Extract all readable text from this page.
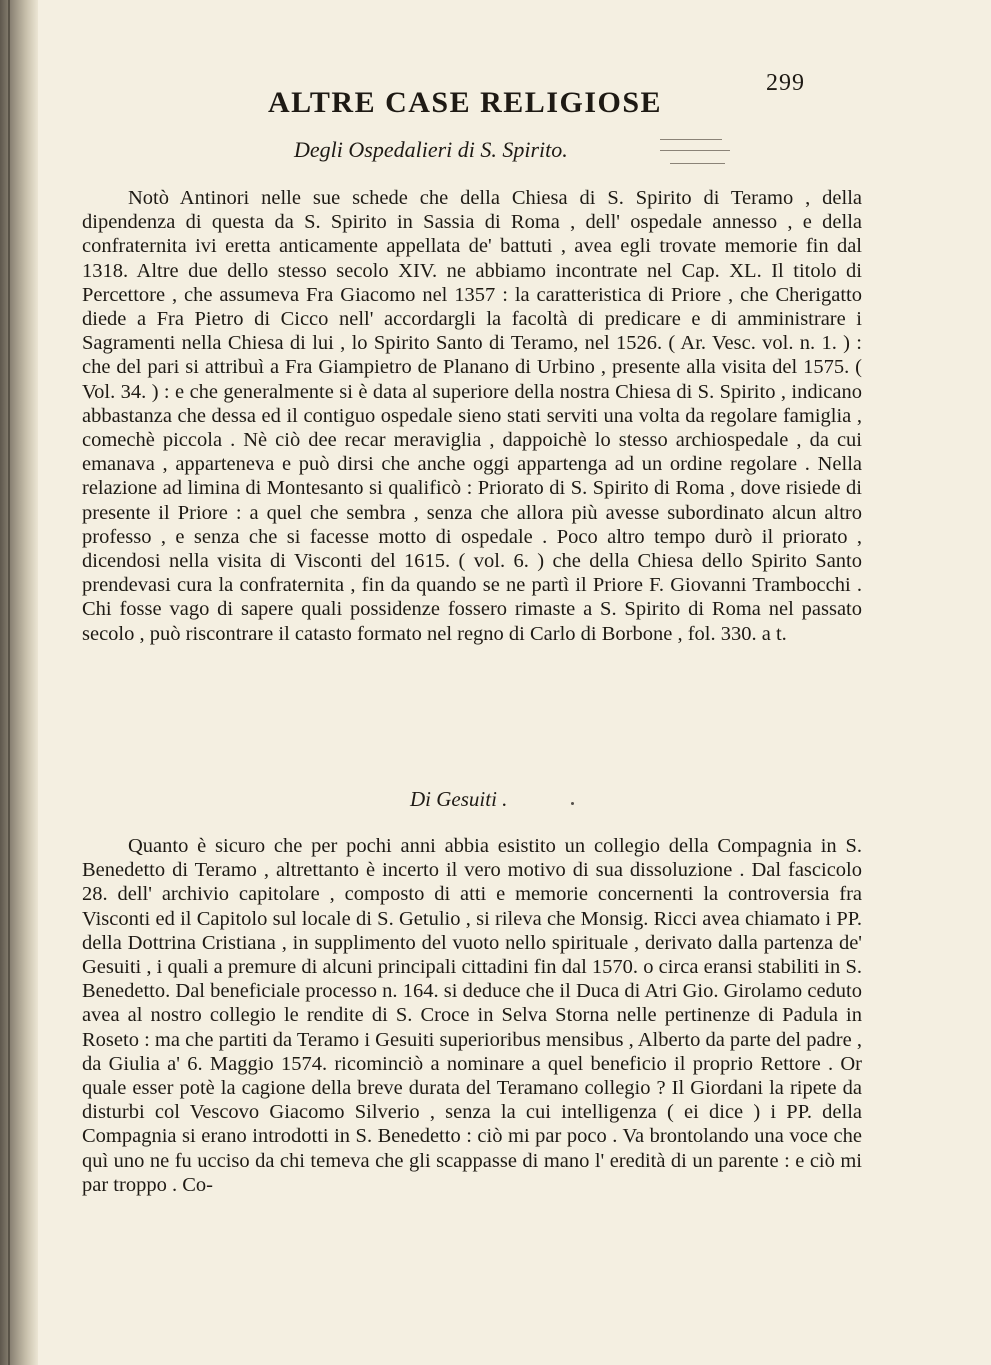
299
ALTRE CASE RELIGIOSE
Degli Ospedalieri di S. Spirito.

Notò Antinori nelle sue schede che della Chiesa di S. Spirito di Teramo , della dipendenza di questa da S. Spirito in Sassia di Roma , dell' ospedale annesso , e della confraternita ivi eretta anticamente appellata de' battuti , avea egli trovate memorie fin dal 1318. Altre due dello stesso secolo XIV. ne abbiamo incontrate nel Cap. XL. Il titolo di Percettore , che assumeva Fra Giacomo nel 1357 : la caratteristica di Priore , che Cherigatto diede a Fra Pietro di Cicco nell' accordargli la facoltà di predicare e di amministrare i Sagramenti nella Chiesa di lui , lo Spirito Santo di Teramo, nel 1526. ( Ar. Vesc. vol. n. 1. ) : che del pari si attribuì a Fra Giampietro de Planano di Urbino , presente alla visita del 1575. ( Vol. 34. ) : e che generalmente si è data al superiore della nostra Chiesa di S. Spirito , indicano abbastanza che dessa ed il contiguo ospedale sieno stati serviti una volta da regolare famiglia , comechè piccola . Nè ciò dee recar meraviglia , dappoichè lo stesso archiospedale , da cui emanava , apparteneva e può dirsi che anche oggi appartenga ad un ordine regolare . Nella relazione ad limina di Montesanto si qualificò : Priorato di S. Spirito di Roma , dove risiede di presente il Priore : a quel che sembra , senza che allora più avesse subordinato alcun altro professo , e senza che si facesse motto di ospedale . Poco altro tempo durò il priorato , dicendosi nella visita di Visconti del 1615. ( vol. 6. ) che della Chiesa dello Spirito Santo prendevasi cura la confraternita , fin da quando se ne partì il Priore F. Giovanni Trambocchi . Chi fosse vago di sapere quali possidenze fossero rimaste a S. Spirito di Roma nel passato secolo , può riscontrare il catasto formato nel regno di Carlo di Borbone , fol. 330. a t.

Di Gesuiti .

Quanto è sicuro che per pochi anni abbia esistito un collegio della Compagnia in S. Benedetto di Teramo , altrettanto è incerto il vero motivo di sua dissoluzione . Dal fascicolo 28. dell' archivio capitolare , composto di atti e memorie concernenti la controversia fra Visconti ed il Capitolo sul locale di S. Getulio , si rileva che Monsig. Ricci avea chiamato i PP. della Dottrina Cristiana , in supplimento del vuoto nello spirituale , derivato dalla partenza de' Gesuiti , i quali a premure di alcuni principali cittadini fin dal 1570. o circa eransi stabiliti in S. Benedetto. Dal beneficiale processo n. 164. si deduce che il Duca di Atri Gio. Girolamo ceduto avea al nostro collegio le rendite di S. Croce in Selva Storna nelle pertinenze di Padula in Roseto : ma che partiti da Teramo i Gesuiti superioribus mensibus , Alberto da parte del padre , da Giulia a' 6. Maggio 1574. ricominciò a nominare a quel beneficio il proprio Rettore . Or quale esser potè la cagione della breve durata del Teramano collegio ? Il Giordani la ripete da disturbi col Vescovo Giacomo Silverio , senza la cui intelligenza ( ei dice ) i PP. della Compagnia si erano introdotti in S. Benedetto : ciò mi par poco . Va brontolando una voce che quì uno ne fu ucciso da chi temeva che gli scappasse di mano l' eredità di un parente : e ciò mi par troppo . Co-
